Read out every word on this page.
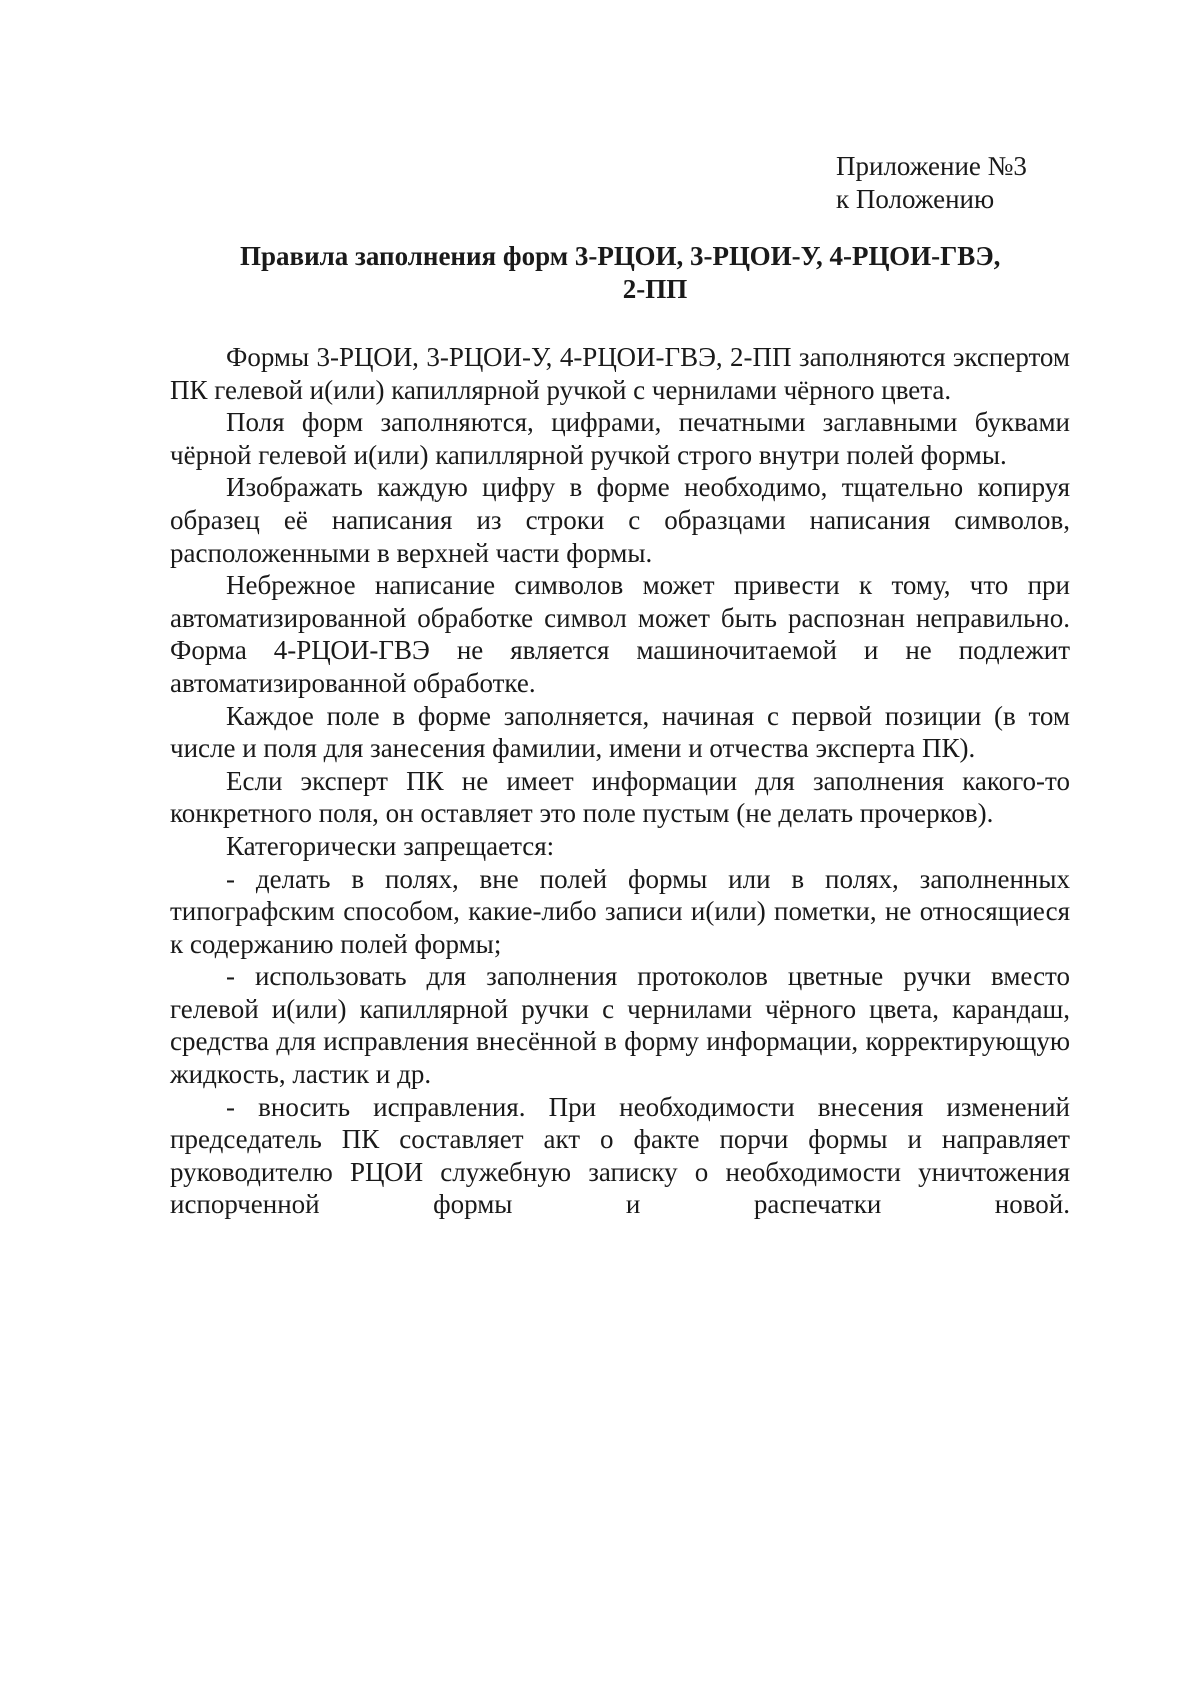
Приложение №3
к Положению
Правила заполнения форм 3-РЦОИ, 3-РЦОИ-У, 4-РЦОИ-ГВЭ,
2-ПП

Формы 3-РЦОИ, 3-РЦОИ-У, 4-РЦОИ-ГВЭ, 2-ПП заполняются экспертом ПК гелевой и(или) капиллярной ручкой с чернилами чёрного цвета.

Поля форм заполняются, цифрами, печатными заглавными буквами чёрной гелевой и(или) капиллярной ручкой строго внутри полей формы.

Изображать каждую цифру в форме необходимо, тщательно копируя образец её написания из строки с образцами написания символов, расположенными в верхней части формы.

Небрежное написание символов может привести к тому, что при автоматизированной обработке символ может быть распознан неправильно. Форма 4-РЦОИ-ГВЭ не является машиночитаемой и не подлежит автоматизированной обработке.

Каждое поле в форме заполняется, начиная с первой позиции (в том числе и поля для занесения фамилии, имени и отчества эксперта ПК).

Если эксперт ПК не имеет информации для заполнения какого-то конкретного поля, он оставляет это поле пустым (не делать прочерков).

Категорически запрещается:

- делать в полях, вне полей формы или в полях, заполненных типографским способом, какие-либо записи и(или) пометки, не относящиеся к содержанию полей формы;

- использовать для заполнения протоколов цветные ручки вместо гелевой и(или) капиллярной ручки с чернилами чёрного цвета, карандаш, средства для исправления внесённой в форму информации, корректирующую жидкость, ластик и др.

- вносить исправления. При необходимости внесения изменений председатель ПК составляет акт о факте порчи формы и направляет руководителю РЦОИ служебную записку о необходимости уничтожения испорченной формы и распечатки новой.
